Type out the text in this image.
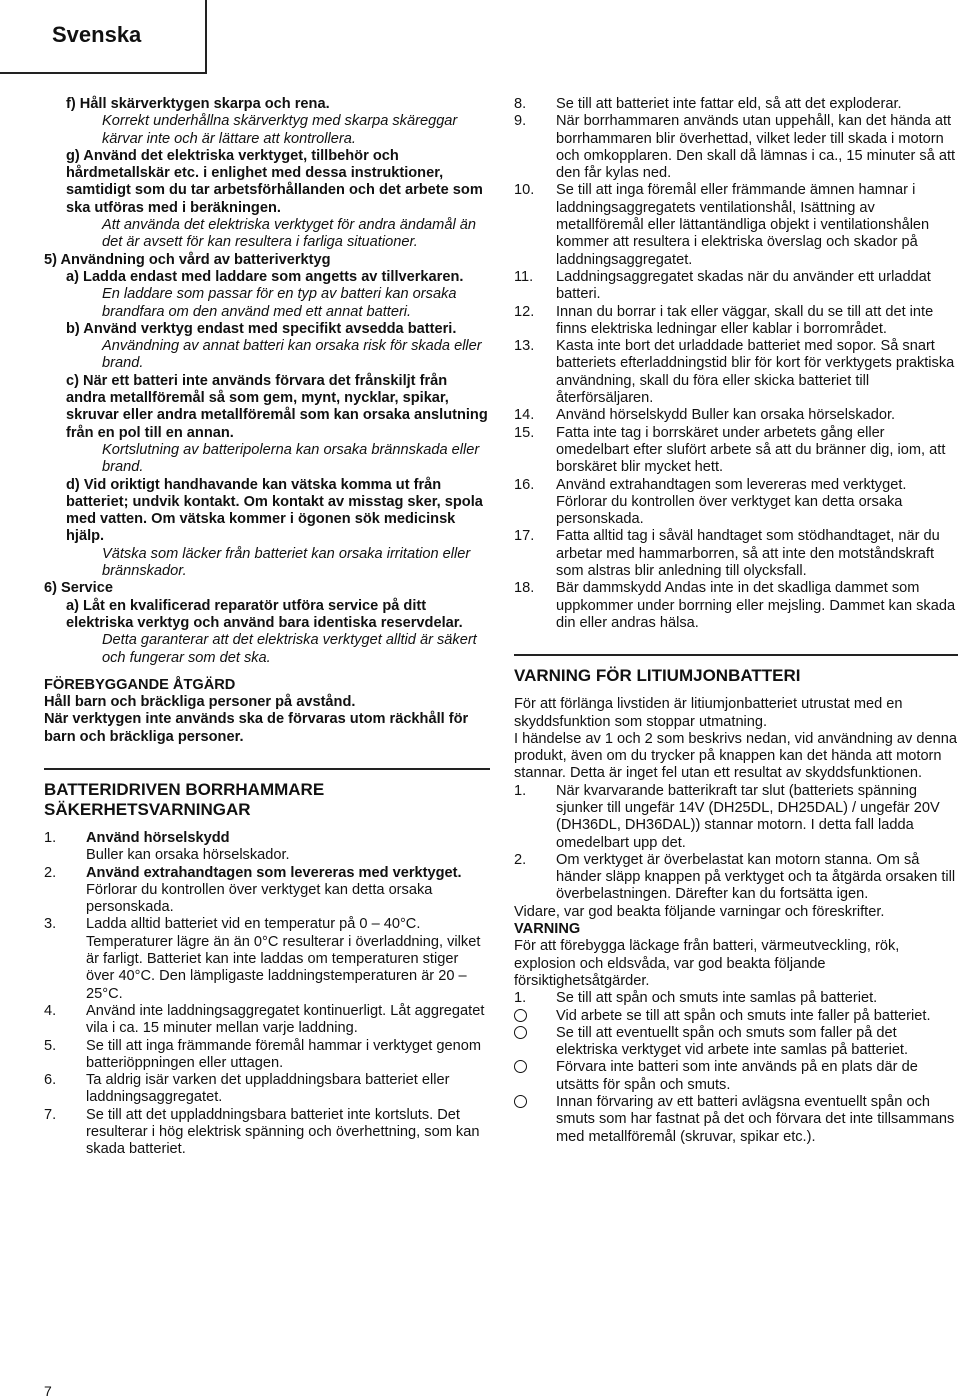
Svenska

f) Håll skärverktygen skarpa och rena.

Korrekt underhållna skärverktyg med skarpa skäreggar kärvar inte och är lättare att kontrollera.

g) Använd det elektriska verktyget, tillbehör och hårdmetallskär etc. i enlighet med dessa instruktioner, samtidigt som du tar arbetsförhållanden och det arbete som ska utföras med i beräkningen.

Att använda det elektriska verktyget för andra ändamål än det är avsett för kan resultera i farliga situationer.

5) Användning och vård av batteriverktyg

a) Ladda endast med laddare som angetts av tillverkaren.

En laddare som passar för en typ av batteri kan orsaka brandfara om den använd med ett annat batteri.

b) Använd verktyg endast med specifikt avsedda batteri.

Användning av annat batteri kan orsaka risk för skada eller brand.

c) När ett batteri inte används förvara det frånskiljt från andra metallföremål så som gem, mynt, nycklar, spikar, skruvar eller andra metallföremål som kan orsaka anslutning från en pol till en annan.

Kortslutning av batteripolerna kan orsaka brännskada eller brand.

d) Vid oriktigt handhavande kan vätska komma ut från batteriet; undvik kontakt. Om kontakt av misstag sker, spola med vatten. Om vätska kommer i ögonen sök medicinsk hjälp.

Vätska som läcker från batteriet kan orsaka irritation eller brännskador.

6) Service

a) Låt en kvalificerad reparatör utföra service på ditt elektriska verktyg och använd bara identiska reservdelar.

Detta garanterar att det elektriska verktyget alltid är säkert och fungerar som det ska.

FÖREBYGGANDE ÅTGÄRD

Håll barn och bräckliga personer på avstånd.

När verktygen inte används ska de förvaras utom räckhåll för barn och bräckliga personer.

BATTERIDRIVEN BORRHAMMARE SÄKERHETSVARNINGAR
1. Använd hörselskydd
Buller kan orsaka hörselskador.
2. Använd extrahandtagen som levereras med verktyget.
Förlorar du kontrollen över verktyget kan detta orsaka personskada.
3. Ladda alltid batteriet vid en temperatur på 0 – 40°C. Temperaturer lägre än än 0°C resulterar i överladdning, vilket är farligt. Batteriet kan inte laddas om temperaturen stiger över 40°C. Den lämpligaste laddningstemperaturen är 20 – 25°C.
4. Använd inte laddningsaggregatet kontinuerligt. Låt aggregatet vila i ca. 15 minuter mellan varje laddning.
5. Se till att inga främmande föremål hammar i verktyget genom batteriöppningen eller uttagen.
6. Ta aldrig isär varken det uppladdningsbara batteriet eller laddningsaggregatet.
7. Se till att det uppladdningsbara batteriet inte kortsluts. Det resulterar i hög elektrisk spänning och överhettning, som kan skada batteriet.
8. Se till att batteriet inte fattar eld, så att det exploderar.
9. När borrhammaren används utan uppehåll, kan det hända att borrhammaren blir överhettad, vilket leder till skada i motorn och omkopplaren. Den skall då lämnas i ca., 15 minuter så att den får kylas ned.
10. Se till att inga föremål eller främmande ämnen hamnar i laddningsaggregatets ventilationshål, Isättning av metallföremål eller lättantändliga objekt i ventilationshålen kommer att resultera i elektriska överslag och skador på laddningsaggregatet.
11. Laddningsaggregatet skadas när du använder ett urladdat batteri.
12. Innan du borrar i tak eller väggar, skall du se till att det inte finns elektriska ledningar eller kablar i borrområdet.
13. Kasta inte bort det urladdade batteriet med sopor. Så snart batteriets efterladdningstid blir för kort för verktygets praktiska användning, skall du föra eller skicka batteriet till återförsäljaren.
14. Använd hörselskydd Buller kan orsaka hörselskador.
15. Fatta inte tag i borrskäret under arbetets gång eller omedelbart efter slufört arbete så att du bränner dig, iom, att borskäret blir mycket hett.
16. Använd extrahandtagen som levereras med verktyget. Förlorar du kontrollen över verktyget kan detta orsaka personskada.
17. Fatta alltid tag i såväl handtaget som stödhandtaget, när du arbetar med hammarborren, så att inte den motståndskraft som alstras blir anledning till olycksfall.
18. Bär dammskydd Andas inte in det skadliga dammet som uppkommer under borrning eller mejsling. Dammet kan skada din eller andras hälsa.
VARNING FÖR LITIUMJONBATTERI

För att förlänga livstiden är litiumjonbatteriet utrustat med en skyddsfunktion som stoppar utmatning.

I händelse av 1 och 2 som beskrivs nedan, vid användning av denna produkt, även om du trycker på knappen kan det hända att motorn stannar. Detta är inget fel utan ett resultat av skyddsfunktionen.

1. När kvarvarande batterikraft tar slut (batteriets spänning sjunker till ungefär 14V (DH25DL, DH25DAL) / ungefär 20V (DH36DL, DH36DAL)) stannar motorn. I detta fall ladda omedelbart upp det.
2. Om verktyget är överbelastat kan motorn stanna. Om så händer släpp knappen på verktyget och ta åtgärda orsaken till överbelastningen. Därefter kan du fortsätta igen.

Vidare, var god beakta följande varningar och föreskrifter.

VARNING

För att förebygga läckage från batteri, värmeutveckling, rök, explosion och eldsvåda, var god beakta följande försiktighetsåtgärder.

1. Se till att spån och smuts inte samlas på batteriet.
Vid arbete se till att spån och smuts inte faller på batteriet.
Se till att eventuellt spån och smuts som faller på det elektriska verktyget vid arbete inte samlas på batteriet.
Förvara inte batteri som inte används på en plats där de utsätts för spån och smuts.
Innan förvaring av ett batteri avlägsna eventuellt spån och smuts som har fastnat på det och förvara det inte tillsammans med metallföremål (skruvar, spikar etc.).
7
